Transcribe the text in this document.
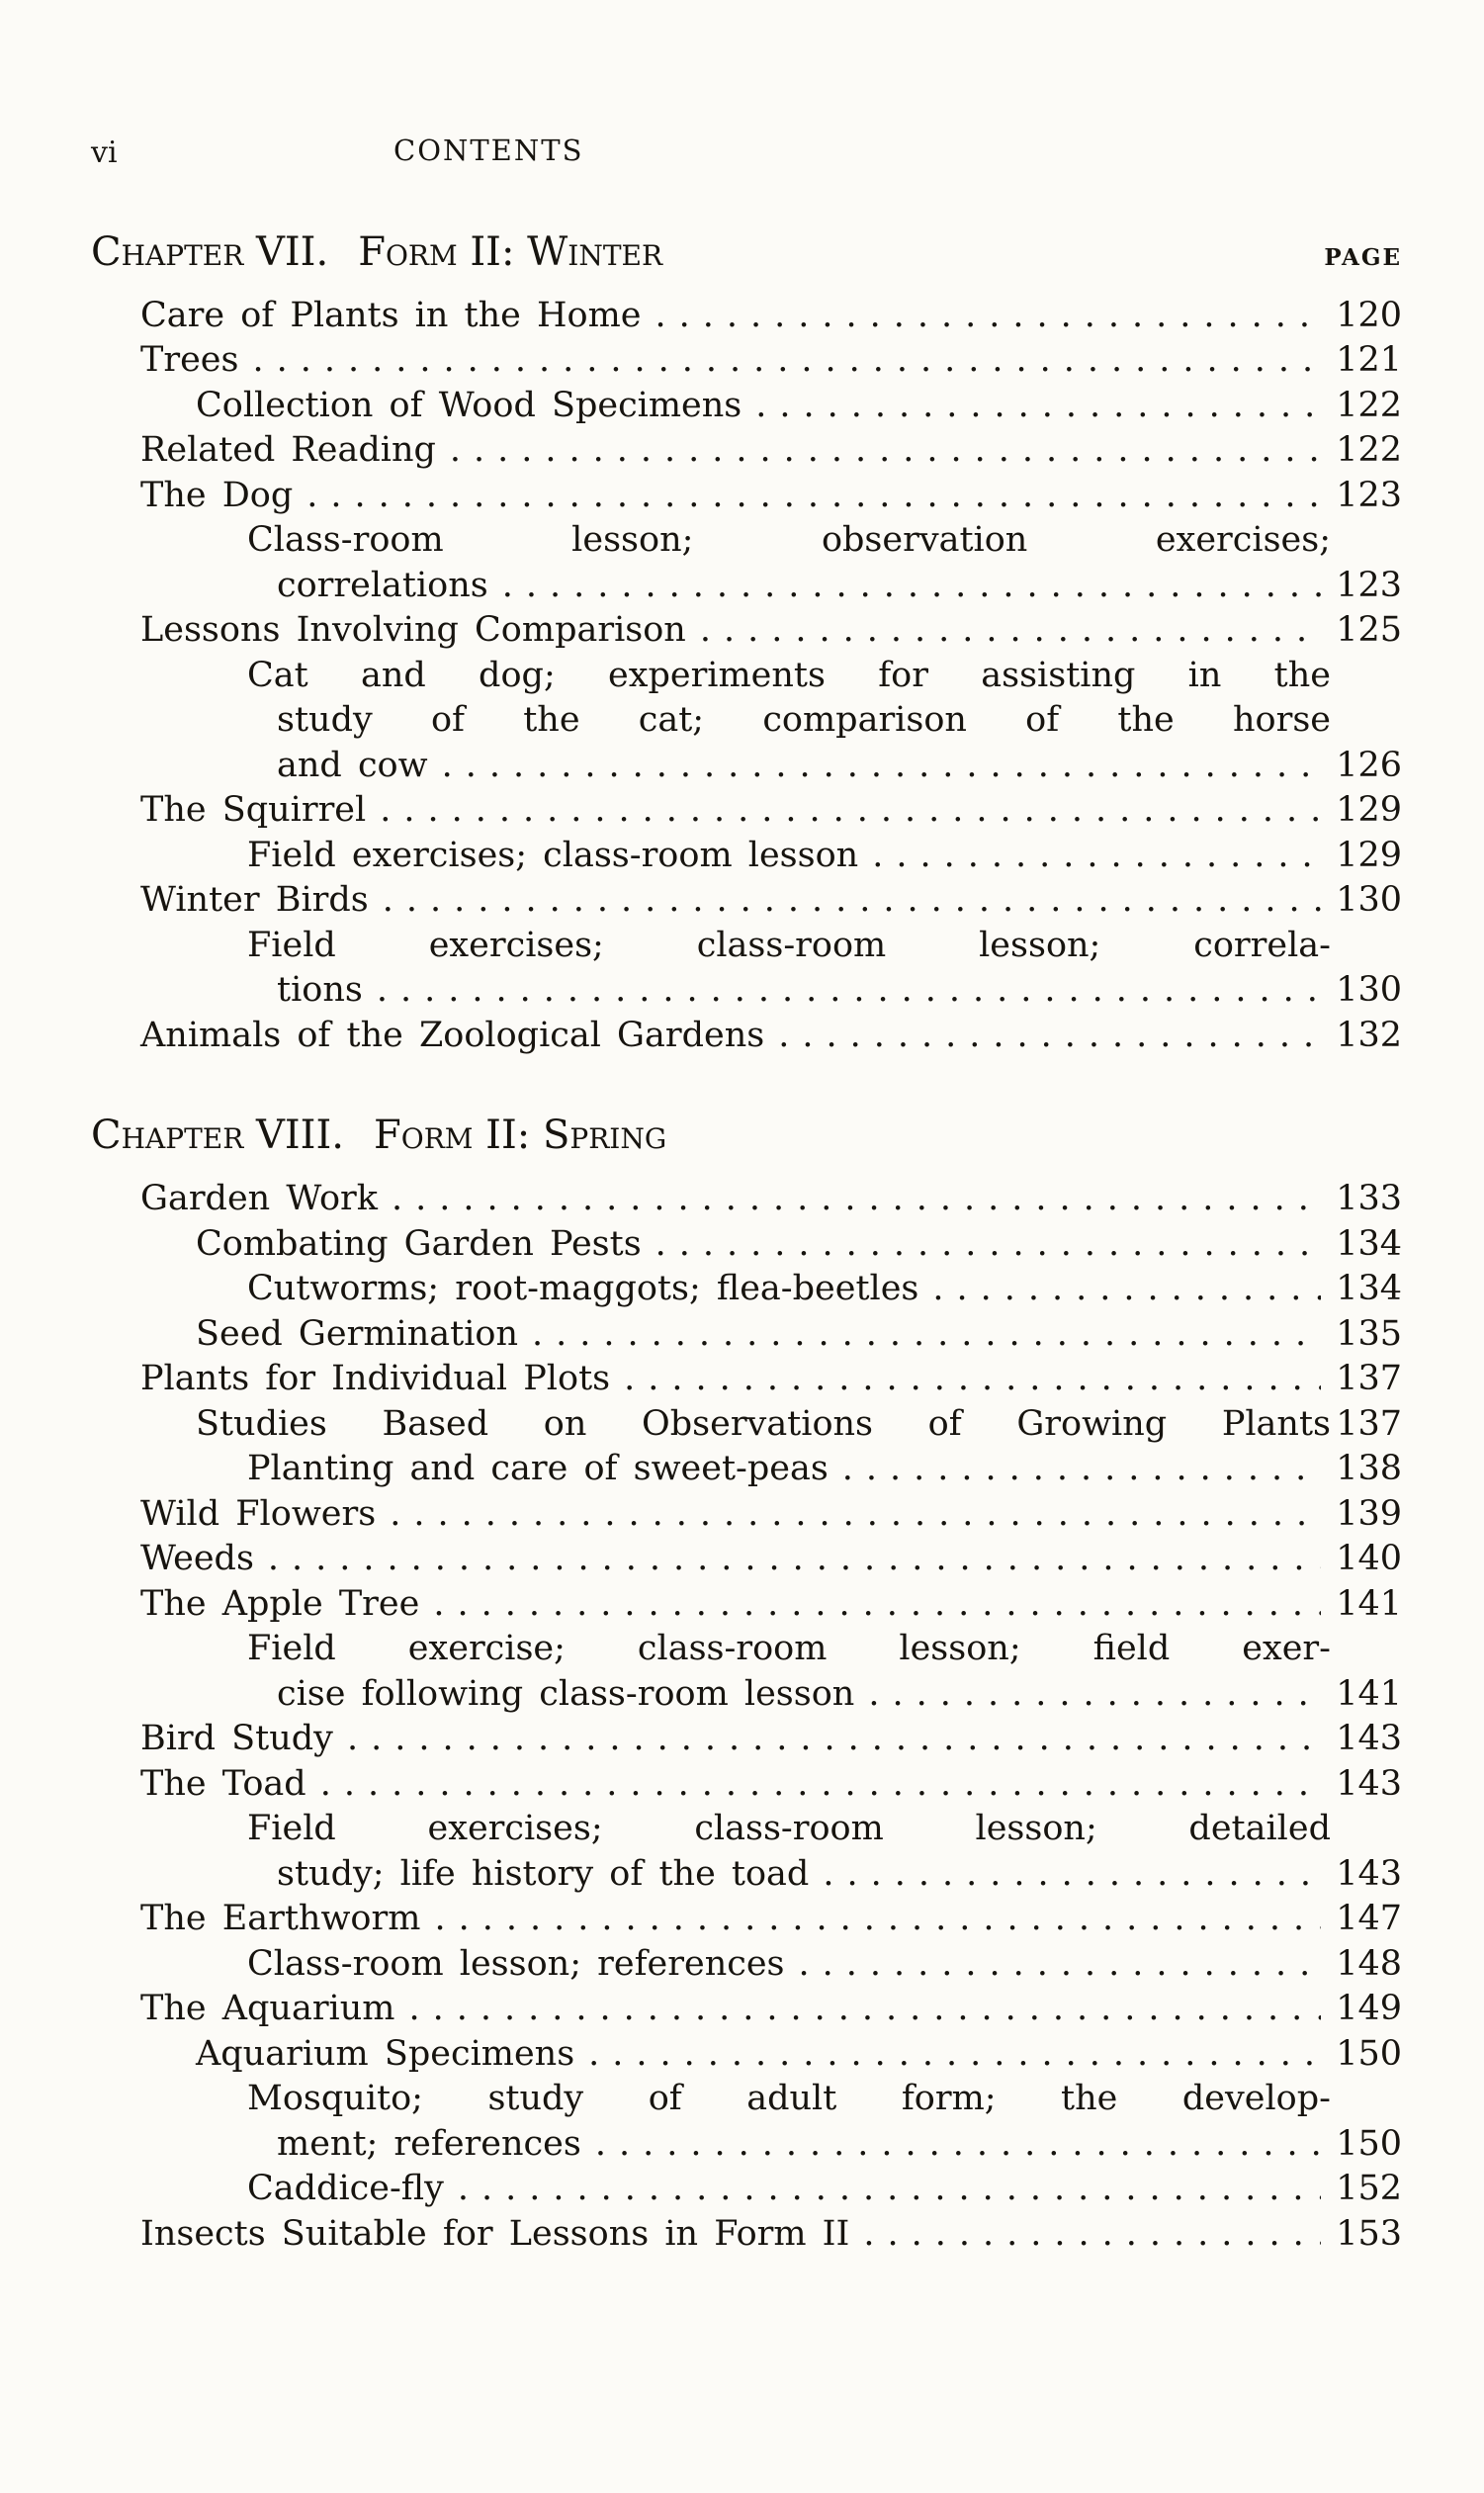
vi	CONTENTS
Chapter VII. Form II: Winter	PAGE
Care of Plants in the Home .....	120
Trees .....	121
Collection of Wood Specimens .....	122
Related Reading .....	122
The Dog .....	123
Class-room lesson; observation exercises;
correlations .....	123
Lessons Involving Comparison .....	125
Cat and dog; experiments for assisting in the
study of the cat; comparison of the horse
and cow .....	126
The Squirrel .....	129
Field exercises; class-room lesson .....	129
Winter Birds .....	130
Field exercises; class-room lesson; correla-
tions .....	130
Animals of the Zoological Gardens .....	132
Chapter VIII. Form II: Spring
Garden Work .....	133
Combating Garden Pests .....	134
Cutworms; root-maggots; flea-beetles .....	134
Seed Germination .....	135
Plants for Individual Plots .....	137
Studies Based on Observations of Growing Plants 137
Planting and care of sweet-peas .....	138
Wild Flowers .....	139
Weeds .....	140
The Apple Tree .....	141
Field exercise; class-room lesson; field exer-
cise following class-room lesson .....	141
Bird Study .....	143
The Toad .....	143
Field exercises; class-room lesson; detailed
study; life history of the toad .....	143
The Earthworm .....	147
Class-room lesson; references .....	148
The Aquarium .....	149
Aquarium Specimens .....	150
Mosquito; study of adult form; the develop-
ment; references .....	150
Caddice-fly .....	152
Insects Suitable for Lessons in Form II .....	153
